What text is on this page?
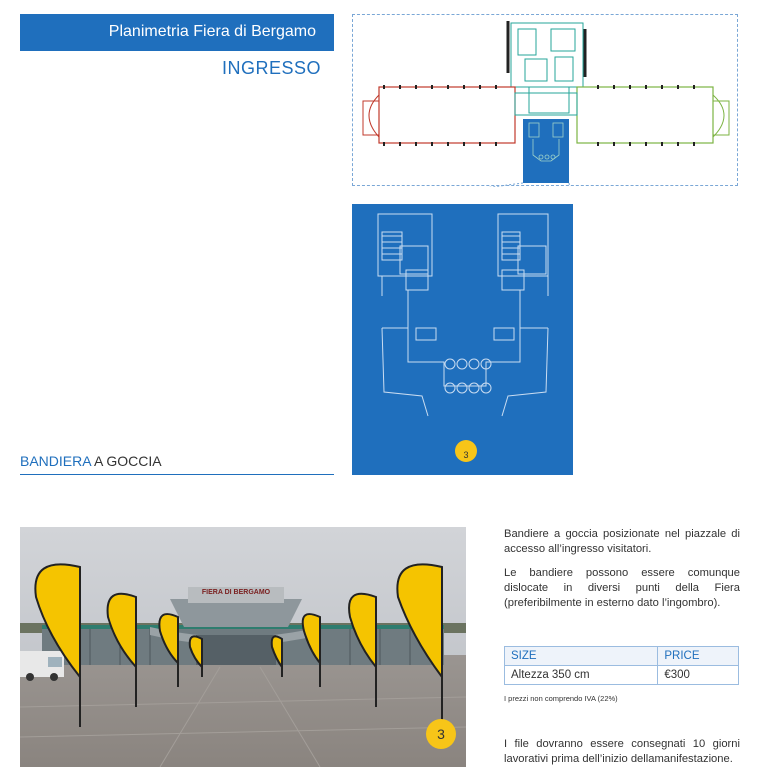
Planimetria Fiera di Bergamo
INGRESSO
3
BANDIERA A GOCCIA
3
FIERA DI BERGAMO

Bandiere a goccia posizionate nel piazzale di accesso all’ingresso visitatori.

Le bandiere possono essere comunque dislocate in diversi punti della Fiera (preferibilmente in esterno dato l’ingombro).

SIZE	PRICE
Altezza 350 cm	€300
I prezzi non comprendo IVA (22%)

I file dovranno essere consegnati 10 giorni lavorativi prima dell’inizio dellamanifestazione.
